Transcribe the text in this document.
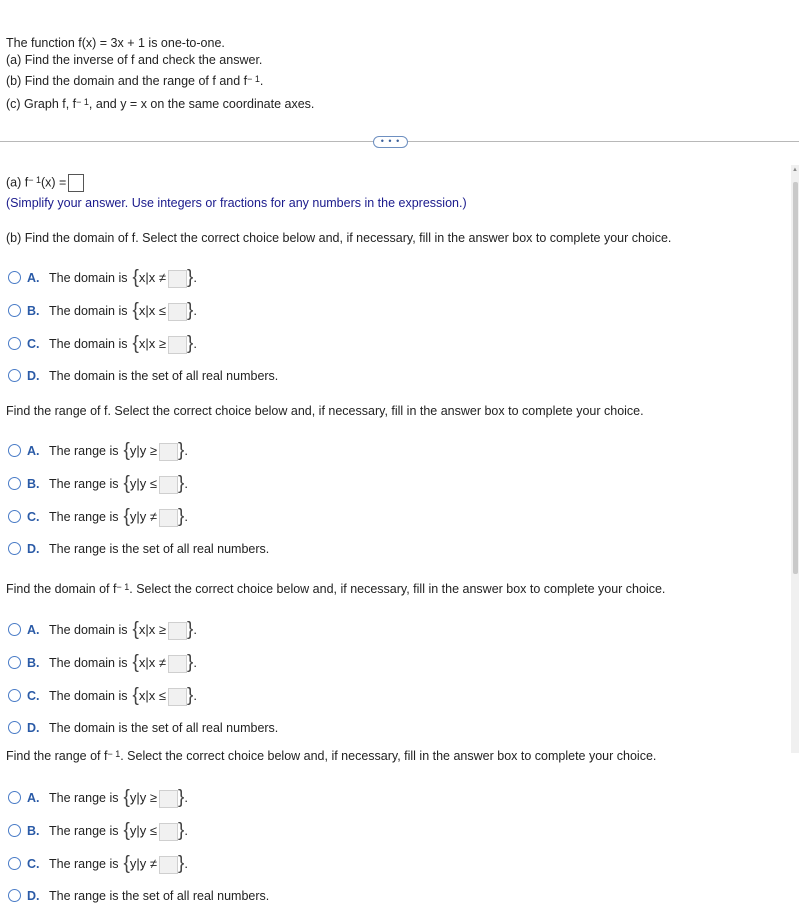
The function f(x) = 3x + 1 is one-to-one.
(a) Find the inverse of f and check the answer.
(b) Find the domain and the range of f and $f^{- 1}$.
(c) Graph f, $f^{- 1}$, and y = x on the same coordinate axes.
• • •
(a) $f^{- 1}(x)$ =
(Simplify your answer. Use integers or fractions for any numbers in the expression.)
(b) Find the domain of f. Select the correct choice below and, if necessary, fill in the answer box to complete your choice.
A. The domain is {x|x ≠ }.
B. The domain is {x|x ≤ }.
C. The domain is {x|x ≥ }.
D. The domain is the set of all real numbers.
Find the range of f. Select the correct choice below and, if necessary, fill in the answer box to complete your choice.
A. The range is {y|y ≥ }.
B. The range is {y|y ≤ }.
C. The range is {y|y ≠ }.
D. The range is the set of all real numbers.
Find the domain of $f^{- 1}$. Select the correct choice below and, if necessary, fill in the answer box to complete your choice.
A. The domain is {x|x ≥ }.
B. The domain is {x|x ≠ }.
C. The domain is {x|x ≤ }.
D. The domain is the set of all real numbers.
Find the range of $f^{- 1}$. Select the correct choice below and, if necessary, fill in the answer box to complete your choice.
A. The range is {y|y ≥ }.
B. The range is {y|y ≤ }.
C. The range is {y|y ≠ }.
D. The range is the set of all real numbers.
▲
